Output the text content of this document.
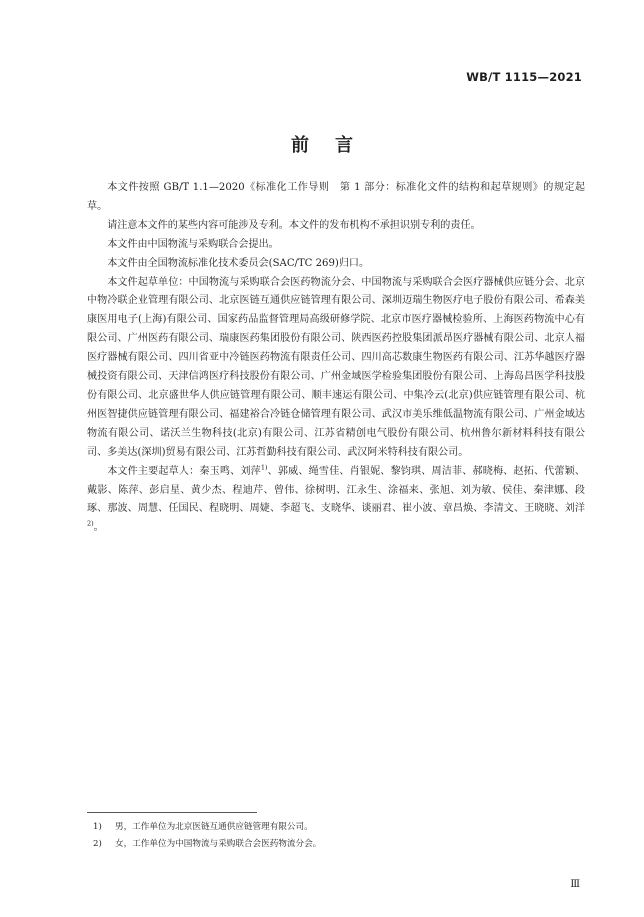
WB/T 1115—2021
前言

本文件按照 GB/T 1.1—2020《标准化工作导则　第 1 部分：标准化文件的结构和起草规则》的规定起草。

请注意本文件的某些内容可能涉及专利。本文件的发布机构不承担识别专利的责任。

本文件由中国物流与采购联合会提出。

本文件由全国物流标准化技术委员会(SAC/TC 269)归口。

本文件起草单位：中国物流与采购联合会医药物流分会、中国物流与采购联合会医疗器械供应链分会、北京中物冷联企业管理有限公司、北京医链互通供应链管理有限公司、深圳迈瑞生物医疗电子股份有限公司、希森美康医用电子(上海)有限公司、国家药品监督管理局高级研修学院、北京市医疗器械检验所、上海医药物流中心有限公司、广州医药有限公司、瑞康医药集团股份有限公司、陕西医药控股集团派昂医疗器械有限公司、北京人福医疗器械有限公司、四川省亚中冷链医药物流有限责任公司、四川高芯数康生物医药有限公司、江苏华越医疗器械投资有限公司、天津信鸿医疗科技股份有限公司、广州金域医学检验集团股份有限公司、上海岛昌医学科技股份有限公司、北京盛世华人供应链管理有限公司、顺丰速运有限公司、中集冷云(北京)供应链管理有限公司、杭州医智捷供应链管理有限公司、福建裕合冷链仓储管理有限公司、武汉市美乐维低温物流有限公司、广州金域达物流有限公司、诺沃兰生物科技(北京)有限公司、江苏省精创电气股份有限公司、杭州鲁尔新材料科技有限公司、多美达(深圳)贸易有限公司、江苏哲勤科技有限公司、武汉阿米特科技有限公司。

本文件主要起草人：秦玉鸣、刘萍$^{1)}$、郭威、绳雪佳、肖银妮、黎钧琪、周洁菲、郝晓梅、赵拓、代蕾颖、戴影、陈萍、彭启星、黄少杰、程迪芹、曾伟、徐树明、江永生、涂福来、张旭、刘为敏、侯佳、秦津娜、段琢、那波、周慧、任国民、程晓明、周婕、李超飞、支晓华、谈丽君、崔小波、章昌焕、李清文、王晓晓、刘洋$^{2)}$。

1)	男，工作单位为北京医链互通供应链管理有限公司。
2)	女，工作单位为中国物流与采购联合会医药物流分会。
Ⅲ
